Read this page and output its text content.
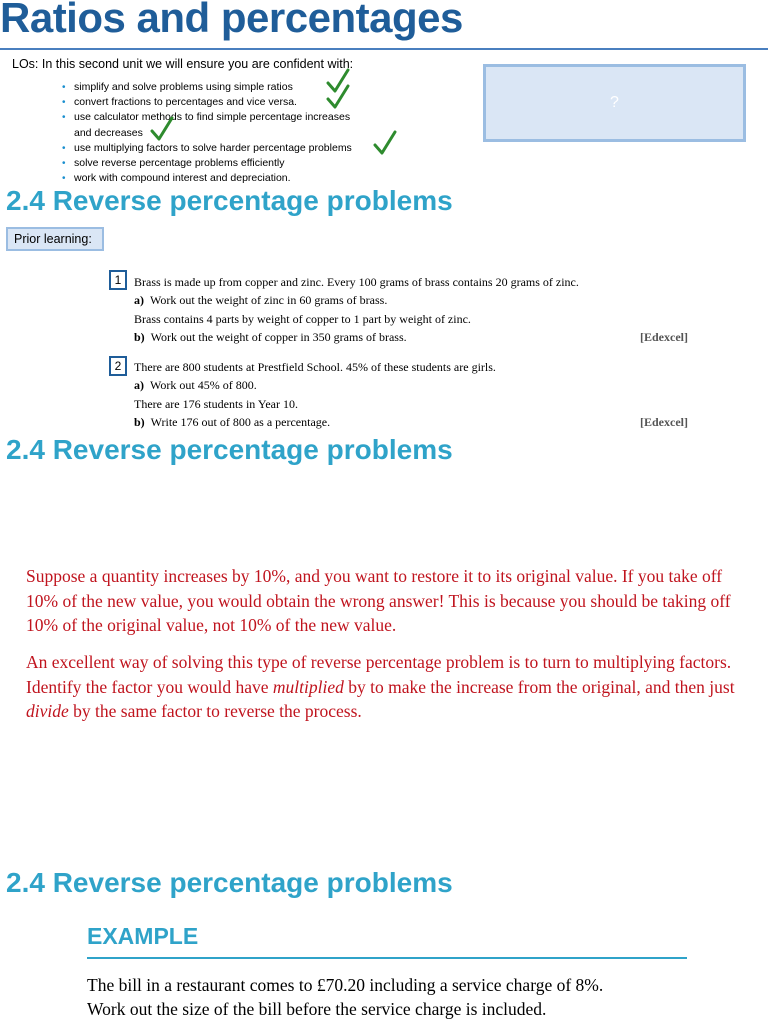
Ratios and percentages
LOs: In this second unit we will ensure you are confident with:
• simplify and solve problems using simple ratios
• convert fractions to percentages and vice versa.
• use calculator methods to find simple percentage increases
and decreases
• use multiplying factors to solve harder percentage problems
• solve reverse percentage problems efficiently
• work with compound interest and depreciation.
?
2.4 Reverse percentage problems
Prior learning:
1	Brass is made up from copper and zinc. Every 100 grams of brass contains 20 grams of zinc.
a) Work out the weight of zinc in 60 grams of brass.
Brass contains 4 parts by weight of copper to 1 part by weight of zinc.
b) Work out the weight of copper in 350 grams of brass.	[Edexcel]
2	There are 800 students at Prestfield School. 45% of these students are girls.
a) Work out 45% of 800.
There are 176 students in Year 10.
b) Write 176 out of 800 as a percentage.	[Edexcel]
2.4 Reverse percentage problems
Suppose a quantity increases by 10%, and you want to restore it to its original value. If you take off 10% of the new value, you would obtain the wrong answer! This is because you should be taking off 10% of the original value, not 10% of the new value.
An excellent way of solving this type of reverse percentage problem is to turn to multiplying factors. Identify the factor you would have multiplied by to make the increase from the original, and then just divide by the same factor to reverse the process.
2.4 Reverse percentage problems
EXAMPLE
The bill in a restaurant comes to £70.20 including a service charge of 8%.
Work out the size of the bill before the service charge is included.
